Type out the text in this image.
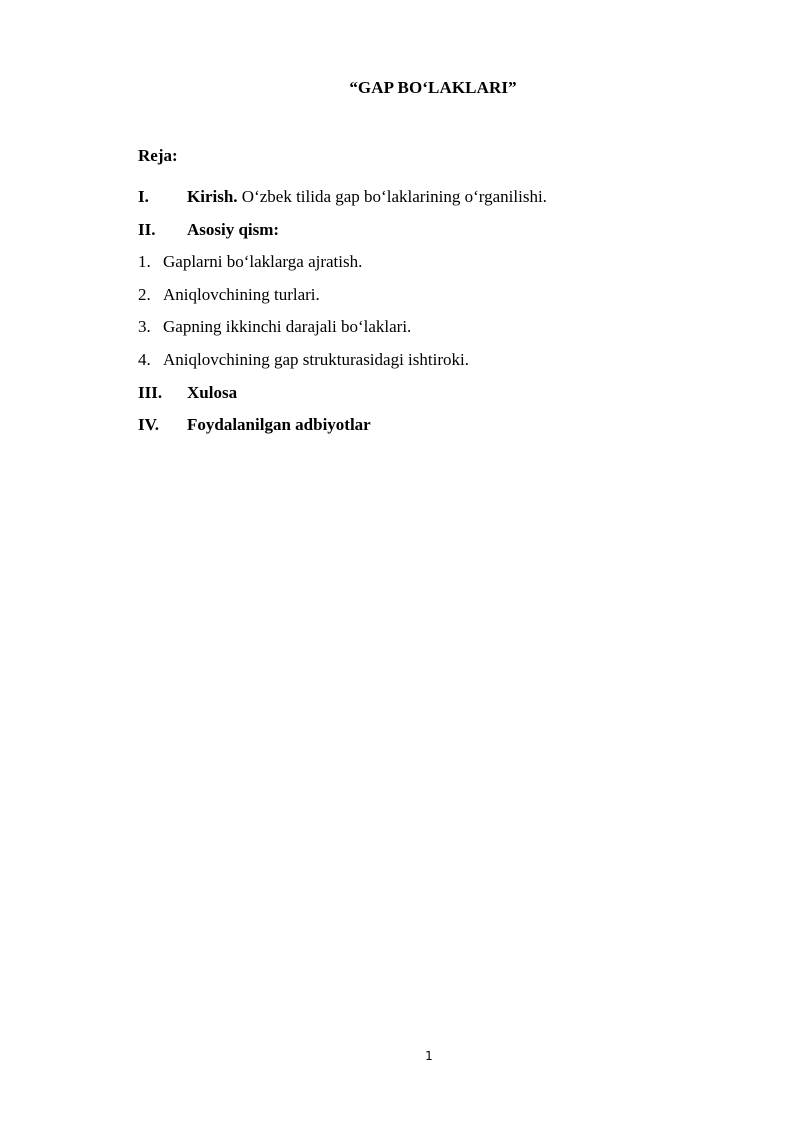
“GAP BO‘LAKLARI”
Reja:
I.	Kirish. O‘zbek tilida gap bo‘laklarining o‘rganilishi.
II.	Asosiy qism:
1. Gaplarni bo‘laklarga ajratish.
2. Aniqlovchining turlari.
3. Gapning ikkinchi darajali bo‘laklari.
4. Aniqlovchining gap strukturasidagi ishtiroki.
III.	Xulosa
IV.	Foydalanilgan adbiyotlar
1
